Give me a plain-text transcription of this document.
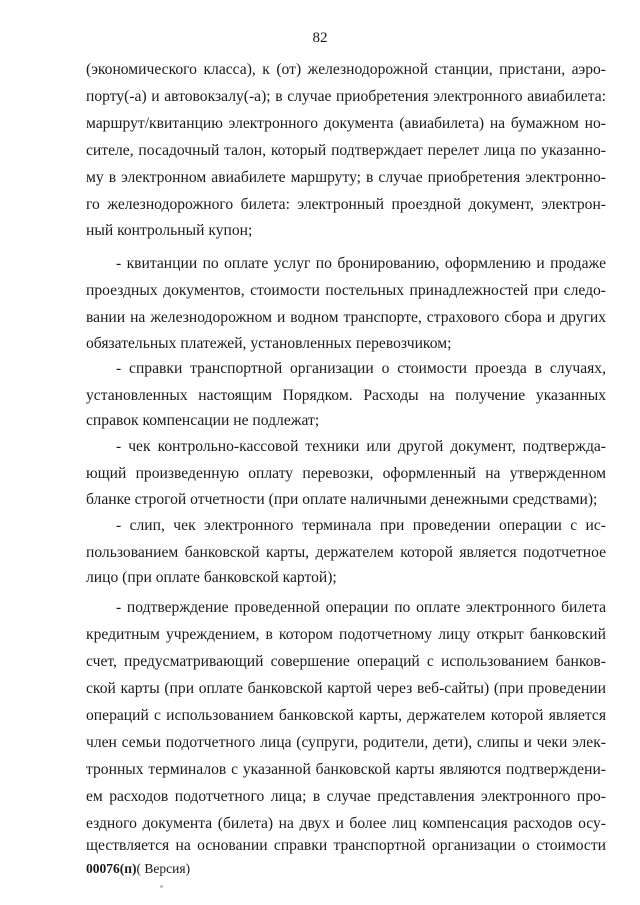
82
(экономического класса), к (от) железнодорожной станции, пристани, аэро-
порту(-а) и автовокзалу(-а); в случае приобретения электронного авиабилета:
маршрут/квитанцию электронного документа (авиабилета) на бумажном но-
сителе, посадочный талон, который подтверждает перелет лица по указанно-
му в электронном авиабилете маршруту; в случае приобретения электронно-
го железнодорожного билета: электронный проездной документ, электрон-
ный контрольный купон;
- квитанции по оплате услуг по бронированию, оформлению и продаже
проездных документов, стоимости постельных принадлежностей при следо-
вании на железнодорожном и водном транспорте, страхового сбора и других
обязательных платежей, установленных перевозчиком;
- справки транспортной организации о стоимости проезда в случаях,
установленных настоящим Порядком. Расходы на получение указанных
справок компенсации не подлежат;
- чек контрольно-кассовой техники или другой документ, подтвержда-
ющий произведенную оплату перевозки, оформленный на утвержденном
бланке строгой отчетности (при оплате наличными денежными средствами);
- слип, чек электронного терминала при проведении операции с ис-
пользованием банковской карты, держателем которой является подотчетное
лицо (при оплате банковской картой);
- подтверждение проведенной операции по оплате электронного билета
кредитным учреждением, в котором подотчетному лицу открыт банковский
счет, предусматривающий совершение операций с использованием банков-
ской карты (при оплате банковской картой через веб-сайты) (при проведении
операций с использованием банковской карты, держателем которой является
член семьи подотчетного лица (супруги, родители, дети), слипы и чеки элек-
тронных терминалов с указанной банковской карты являются подтверждени-
ем расходов подотчетного лица; в случае представления электронного про-
ездного документа (билета) на двух и более лиц компенсация расходов осу-
ществляется на основании справки транспортной организации о стоимости
00076(п)( Версия)
